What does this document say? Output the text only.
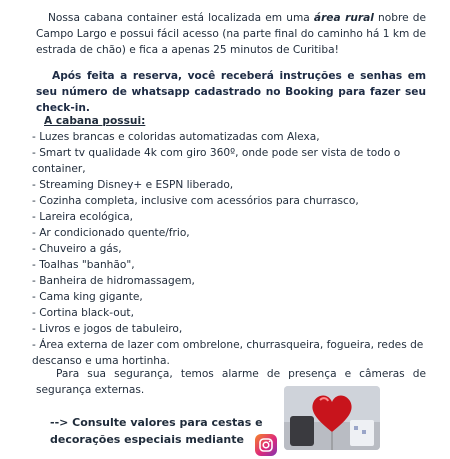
Nossa cabana container está localizada em uma área rural nobre de Campo Largo e possui fácil acesso (na parte final do caminho há 1 km de estrada de chão) e fica a apenas 25 minutos de Curitiba!

Após feita a reserva, você receberá instruções e senhas em seu número de whatsapp cadastrado no Booking para fazer seu check-in.

A cabana possui:

- Luzes brancas e coloridas automatizadas com Alexa,
- Smart tv qualidade 4k com giro 360º, onde pode ser vista de todo o container,
- Streaming Disney+ e ESPN liberado,
- Cozinha completa, inclusive com acessórios para churrasco,
- Lareira ecológica,
- Ar condicionado quente/frio,
- Chuveiro a gás,
- Toalhas "banhão",
- Banheira de hidromassagem,
- Cama king gigante,
- Cortina black-out,
- Livros e jogos de tabuleiro,
- Área externa de lazer com ombrelone, churrasqueira, fogueira, redes de descanso e uma hortinha.

Para sua segurança, temos alarme de presença e câmeras de segurança externas.

--> Consulte valores para cestas e
decorações especiais mediante
